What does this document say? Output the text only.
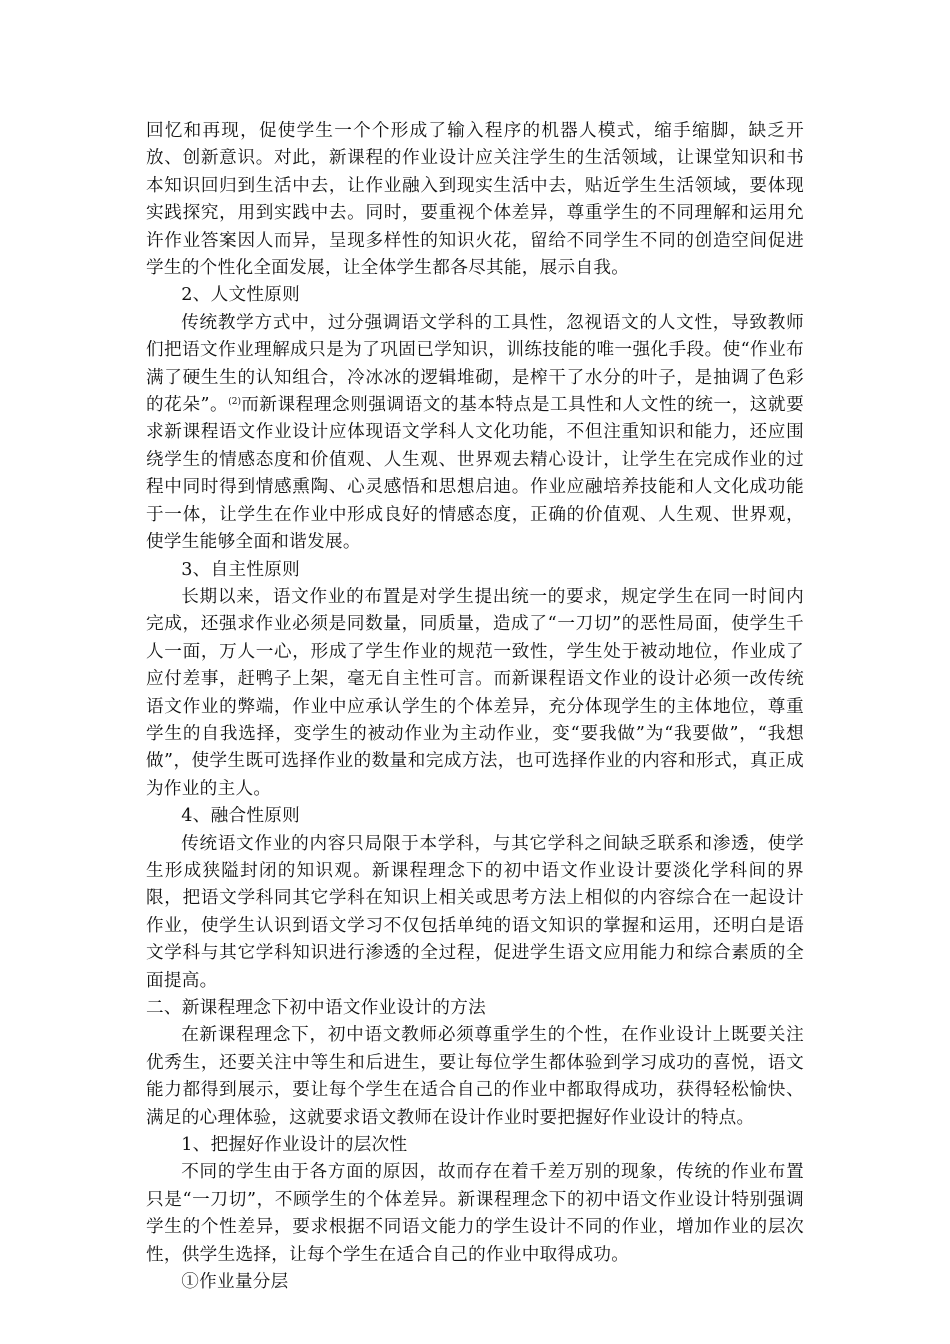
回忆和再现，促使学生一个个形成了输入程序的机器人模式，缩手缩脚，缺乏开放、创新意识。对此，新课程的作业设计应关注学生的生活领域，让课堂知识和书本知识回归到生活中去，让作业融入到现实生活中去，贴近学生生活领域，要体现实践探究，用到实践中去。同时，要重视个体差异，尊重学生的不同理解和运用允许作业答案因人而异，呈现多样性的知识火花，留给不同学生不同的创造空间促进学生的个性化全面发展，让全体学生都各尽其能，展示自我。

2、人文性原则

传统教学方式中，过分强调语文学科的工具性，忽视语文的人文性，导致教师们把语文作业理解成只是为了巩固已学知识，训练技能的唯一强化手段。使“作业布满了硬生生的认知组合，冷冰冰的逻辑堆砌，是榨干了水分的叶子，是抽调了色彩的花朵”。$^{(2)}$而新课程理念则强调语文的基本特点是工具性和人文性的统一，这就要求新课程语文作业设计应体现语文学科人文化功能，不但注重知识和能力，还应围绕学生的情感态度和价值观、人生观、世界观去精心设计，让学生在完成作业的过程中同时得到情感熏陶、心灵感悟和思想启迪。作业应融培养技能和人文化成功能于一体，让学生在作业中形成良好的情感态度，正确的价值观、人生观、世界观，使学生能够全面和谐发展。

3、自主性原则

长期以来，语文作业的布置是对学生提出统一的要求，规定学生在同一时间内完成，还强求作业必须是同数量，同质量，造成了“一刀切”的恶性局面，使学生千人一面，万人一心，形成了学生作业的规范一致性，学生处于被动地位，作业成了应付差事，赶鸭子上架，毫无自主性可言。而新课程语文作业的设计必须一改传统语文作业的弊端，作业中应承认学生的个体差异，充分体现学生的主体地位，尊重学生的自我选择，变学生的被动作业为主动作业，变“要我做”为“我要做”，“我想做”，使学生既可选择作业的数量和完成方法，也可选择作业的内容和形式，真正成为作业的主人。

4、融合性原则

传统语文作业的内容只局限于本学科，与其它学科之间缺乏联系和渗透，使学生形成狭隘封闭的知识观。新课程理念下的初中语文作业设计要淡化学科间的界限，把语文学科同其它学科在知识上相关或思考方法上相似的内容综合在一起设计作业，使学生认识到语文学习不仅包括单纯的语文知识的掌握和运用，还明白是语文学科与其它学科知识进行渗透的全过程，促进学生语文应用能力和综合素质的全面提高。

二、新课程理念下初中语文作业设计的方法

在新课程理念下，初中语文教师必须尊重学生的个性，在作业设计上既要关注优秀生，还要关注中等生和后进生，要让每位学生都体验到学习成功的喜悦，语文能力都得到展示，要让每个学生在适合自己的作业中都取得成功，获得轻松愉快、满足的心理体验，这就要求语文教师在设计作业时要把握好作业设计的特点。

1、把握好作业设计的层次性

不同的学生由于各方面的原因，故而存在着千差万别的现象，传统的作业布置只是“一刀切”，不顾学生的个体差异。新课程理念下的初中语文作业设计特别强调学生的个性差异，要求根据不同语文能力的学生设计不同的作业，增加作业的层次性，供学生选择，让每个学生在适合自己的作业中取得成功。

①作业量分层
